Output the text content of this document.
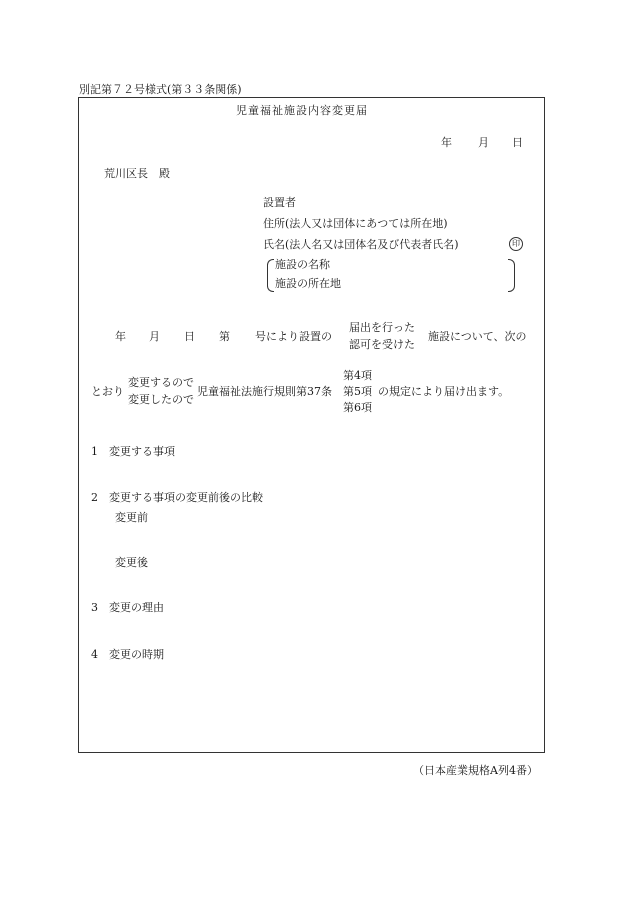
別記第７２号様式(第３３条関係)
児童福祉施設内容変更届
年 月 日
荒川区長　殿
設置者
住所(法人又は団体にあつては所在地)
氏名(法人名又は団体名及び代表者氏名)	印
施設の名称
施設の所在地
年 月 日 第 号により設置の
届出を行った
認可を受けた
施設について、次の
とおり
変更するので
変更したので
児童福祉法施行規則第37条
第4項
第5項
第6項
の規定により届け出ます。
1 変更する事項
2 変更する事項の変更前後の比較
変更前
変更後
3 変更の理由
4 変更の時期
（日本産業規格A列4番）
